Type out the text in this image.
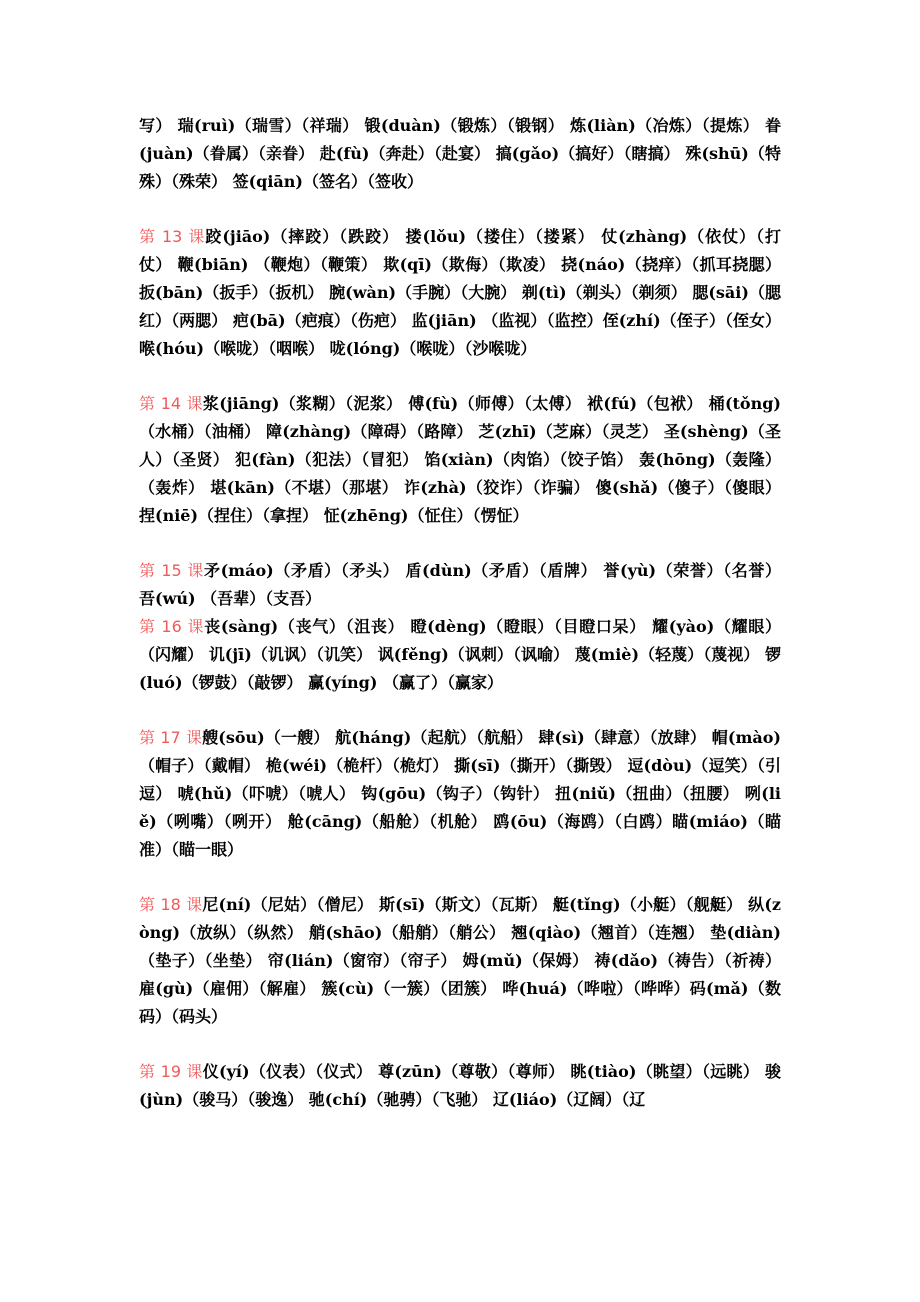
写） 瑞(ruì)（瑞雪）（祥瑞） 锻(duàn)（锻炼）（锻钢） 炼(liàn)（冶炼）（提炼） 眷(juàn)（眷属）（亲眷） 赴(fù)（奔赴）（赴宴） 搞(gǎo)（搞好）（瞎搞） 殊(shū)（特殊）（殊荣） 签(qiān)（签名）（签收）

第 13 课跤(jiāo)（摔跤）（跌跤） 搂(lǒu)（搂住）（搂紧） 仗(zhàng)（依仗）（打仗） 鞭(biān) （鞭炮）（鞭策） 欺(qī)（欺侮）（欺凌） 挠(náo)（挠痒）（抓耳挠腮） 扳(bān)（扳手）（扳机） 腕(wàn)（手腕）（大腕） 剃(tì)（剃头）（剃须） 腮(sāi)（腮红）（两腮） 疤(bā)（疤痕）（伤疤） 监(jiān) （监视）（监控）侄(zhí)（侄子）（侄女） 喉(hóu)（喉咙）（咽喉） 咙(lóng)（喉咙）（沙喉咙）

第 14 课浆(jiāng)（浆糊）（泥浆） 傅(fù)（师傅）（太傅） 袱(fú)（包袱） 桶(tǒng)（水桶）（油桶） 障(zhàng)（障碍）（路障） 芝(zhī)（芝麻）（灵芝） 圣(shèng)（圣人）（圣贤） 犯(fàn)（犯法）（冒犯） 馅(xiàn)（肉馅）（饺子馅） 轰(hōng)（轰隆）（轰炸） 堪(kān)（不堪）（那堪） 诈(zhà)（狡诈）（诈骗） 傻(shǎ)（傻子）（傻眼） 捏(niē)（捏住）（拿捏） 怔(zhēng)（怔住）（愣怔）

第 15 课矛(máo)（矛盾）（矛头） 盾(dùn)（矛盾）（盾牌） 誉(yù)（荣誉）（名誉） 吾(wú) （吾辈）（支吾）

第 16 课丧(sàng)（丧气）（沮丧） 瞪(dèng)（瞪眼）（目瞪口呆） 耀(yào)（耀眼）（闪耀） 讥(jī)（讥讽）（讥笑） 讽(fěng)（讽刺）（讽喻） 蔑(miè)（轻蔑）（蔑视） 锣(luó)（锣鼓）（敲锣） 赢(yíng) （赢了）（赢家）

第 17 课艘(sōu)（一艘） 航(háng)（起航）（航船） 肆(sì)（肆意）（放肆） 帽(mào)（帽子）（戴帽） 桅(wéi)（桅杆）（桅灯） 撕(sī)（撕开）（撕毁） 逗(dòu)（逗笑）（引逗） 唬(hǔ)（吓唬）（唬人） 钩(gōu)（钩子）（钩针） 扭(niǔ)（扭曲）（扭腰） 咧(liě)（咧嘴）（咧开） 舱(cāng)（船舱）（机舱） 鸥(ōu)（海鸥）（白鸥）瞄(miáo)（瞄准）（瞄一眼）

第 18 课尼(ní)（尼姑）（僧尼） 斯(sī)（斯文）（瓦斯） 艇(tǐng)（小艇）（舰艇） 纵(zòng)（放纵）（纵然） 艄(shāo)（船艄）（艄公） 翘(qiào)（翘首）（连翘） 垫(diàn)（垫子）（坐垫） 帘(lián)（窗帘）（帘子） 姆(mǔ)（保姆） 祷(dǎo)（祷告）（祈祷） 雇(gù)（雇佣）（解雇） 簇(cù)（一簇）（团簇） 哗(huá)（哗啦）（哗哗）码(mǎ)（数码）（码头）

第 19 课仪(yí)（仪表）（仪式） 尊(zūn)（尊敬）（尊师） 眺(tiào)（眺望）（远眺） 骏(jùn)（骏马）（骏逸） 驰(chí)（驰骋）（飞驰） 辽(liáo)（辽阔）（辽
